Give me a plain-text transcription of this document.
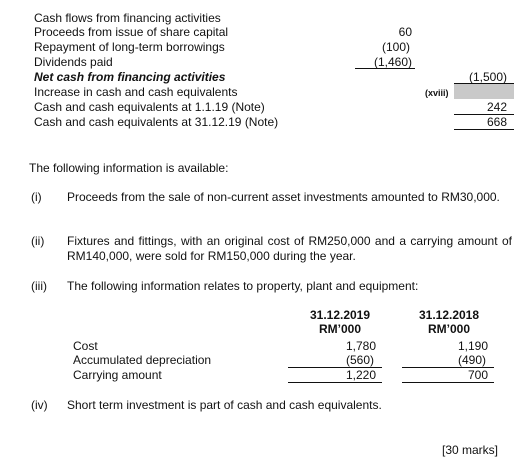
Cash flows from financing activities
Proceeds from issue of share capital	60
Repayment of long-term borrowings	(100)
Dividends paid	(1,460)
Net cash from financing activities	(1,500)
Increase in cash and cash equivalents	(xviii)
Cash and cash equivalents at 1.1.19 (Note)	242
Cash and cash equivalents at 31.12.19 (Note)	668
The following information is available:
(i) Proceeds from the sale of non-current asset investments amounted to RM30,000.
(ii) Fixtures and fittings, with an original cost of RM250,000 and a carrying amount of RM140,000, were sold for RM150,000 during the year.
(iii) The following information relates to property, plant and equipment:
31.12.2019
RM’000
31.12.2018
RM’000
Cost	1,780	1,190
Accumulated depreciation	(560)	(490)
Carrying amount	1,220	700
(iv) Short term investment is part of cash and cash equivalents.
[30 marks]
